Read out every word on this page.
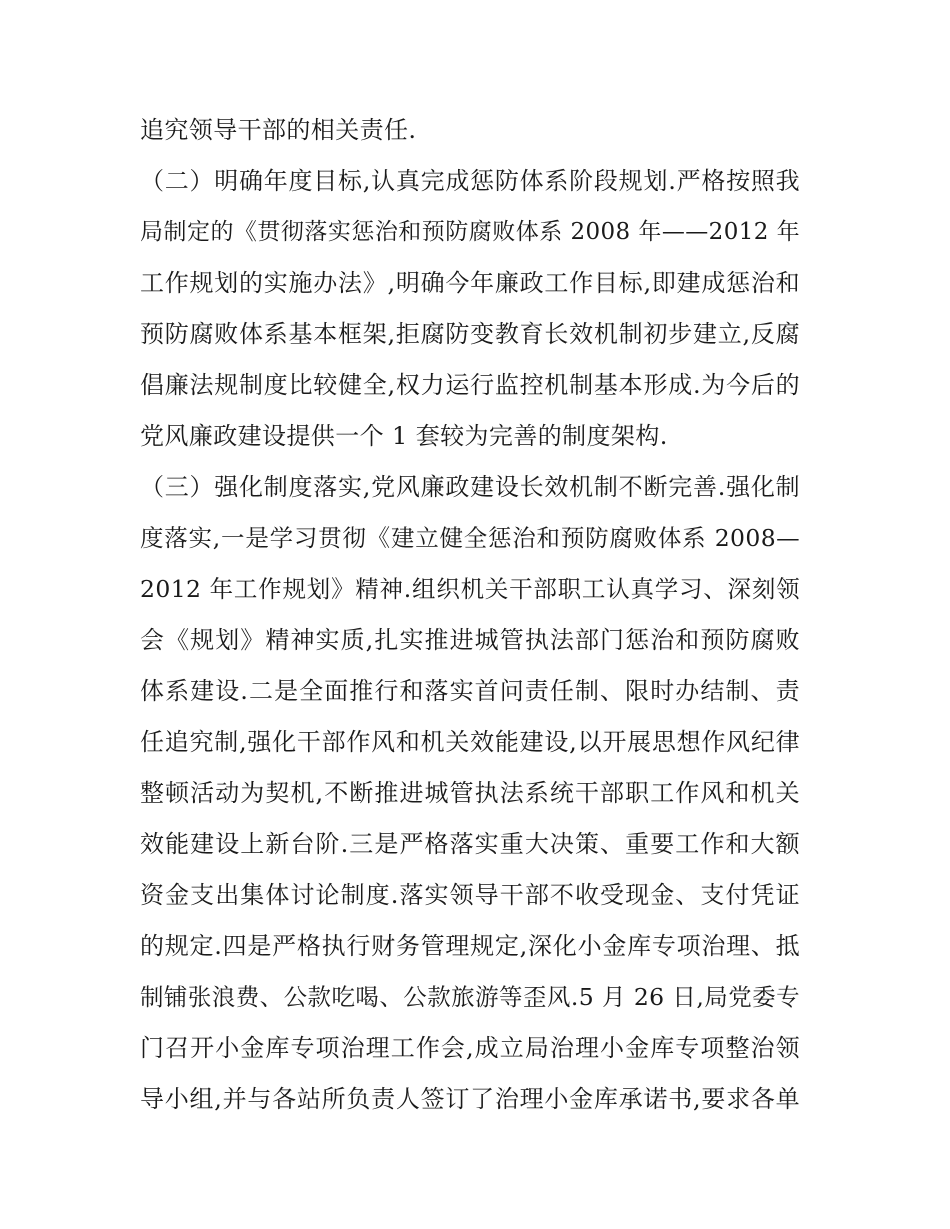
追究领导干部的相关责任.
（二）明确年度目标,认真完成惩防体系阶段规划.严格按照我
局制定的《贯彻落实惩治和预防腐败体系 2008 年——2012 年
工作规划的实施办法》,明确今年廉政工作目标,即建成惩治和
预防腐败体系基本框架,拒腐防变教育长效机制初步建立,反腐
倡廉法规制度比较健全,权力运行监控机制基本形成.为今后的
党风廉政建设提供一个 1 套较为完善的制度架构.
（三）强化制度落实,党风廉政建设长效机制不断完善.强化制
度落实,一是学习贯彻《建立健全惩治和预防腐败体系 2008—
2012 年工作规划》精神.组织机关干部职工认真学习、深刻领
会《规划》精神实质,扎实推进城管执法部门惩治和预防腐败
体系建设.二是全面推行和落实首问责任制、限时办结制、责
任追究制,强化干部作风和机关效能建设,以开展思想作风纪律
整顿活动为契机,不断推进城管执法系统干部职工作风和机关
效能建设上新台阶.三是严格落实重大决策、重要工作和大额
资金支出集体讨论制度.落实领导干部不收受现金、支付凭证
的规定.四是严格执行财务管理规定,深化小金库专项治理、抵
制铺张浪费、公款吃喝、公款旅游等歪风.5 月 26 日,局党委专
门召开小金库专项治理工作会,成立局治理小金库专项整治领
导小组,并与各站所负责人签订了治理小金库承诺书,要求各单
